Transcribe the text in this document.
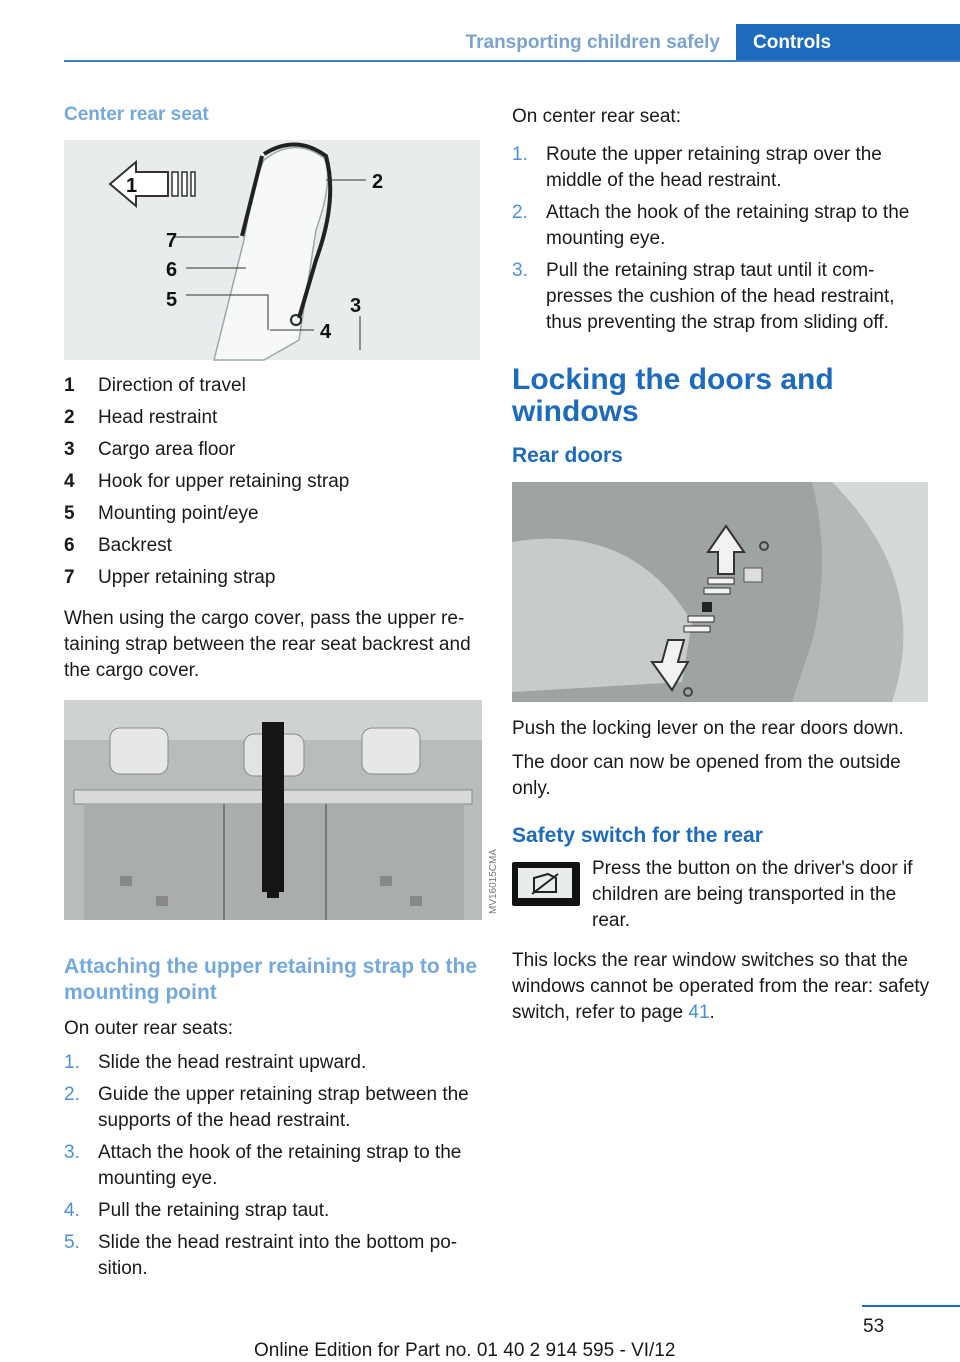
Transporting children safely Controls
Center rear seat
1	2
7
6
5
4
3
1	Direction of travel
2	Head restraint
3	Cargo area floor
4	Hook for upper retaining strap
5	Mounting point/eye
6	Backrest
7	Upper retaining strap

When using the cargo cover, pass the upper re-taining strap between the rear seat backrest and the cargo cover.

MV16015CMA
Attaching the upper retaining strap to the mounting point

On outer rear seats:

1. Slide the head restraint upward.
2. Guide the upper retaining strap between the supports of the head restraint.
3. Attach the hook of the retaining strap to the mounting eye.
4. Pull the retaining strap taut.
5. Slide the head restraint into the bottom po-sition.

On center rear seat:

1. Route the upper retaining strap over the middle of the head restraint.
2. Attach the hook of the retaining strap to the mounting eye.
3. Pull the retaining strap taut until it com-presses the cushion of the head restraint, thus preventing the strap from sliding off.
Locking the doors and windows
Rear doors

Push the locking lever on the rear doors down.

The door can now be opened from the outside only.

Safety switch for the rear

Press the button on the driver's door if children are being transported in the rear.

This locks the rear window switches so that the windows cannot be operated from the rear: safety switch, refer to page 41.

53
Online Edition for Part no. 01 40 2 914 595 - VI/12
